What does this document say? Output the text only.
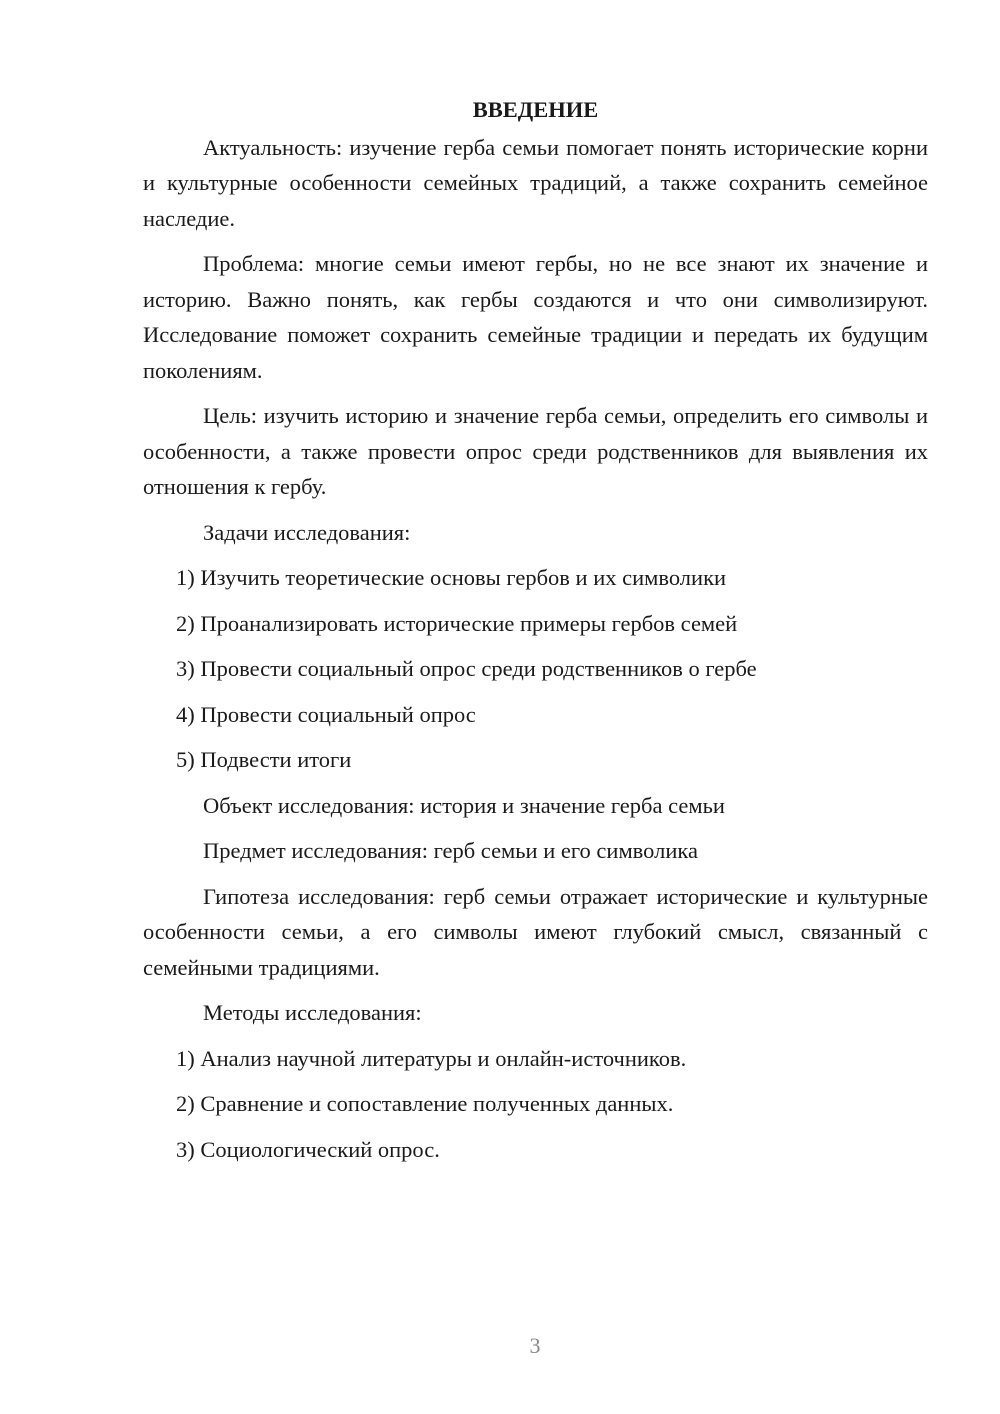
ВВЕДЕНИЕ

Актуальность: изучение герба семьи помогает понять исторические корни и культурные особенности семейных традиций, а также сохранить семейное наследие.

Проблема: многие семьи имеют гербы, но не все знают их значение и историю. Важно понять, как гербы создаются и что они символизируют. Исследование поможет сохранить семейные традиции и передать их будущим поколениям.

Цель: изучить историю и значение герба семьи, определить его символы и особенности, а также провести опрос среди родственников для выявления их отношения к гербу.

Задачи исследования:

1) Изучить теоретические основы гербов и их символики

2) Проанализировать исторические примеры гербов семей

3) Провести социальный опрос среди родственников о гербе

4) Провести социальный опрос

5) Подвести итоги

Объект исследования: история и значение герба семьи

Предмет исследования: герб семьи и его символика

Гипотеза исследования: герб семьи отражает исторические и культурные особенности семьи, а его символы имеют глубокий смысл, связанный с семейными традициями.

Методы исследования:

1) Анализ научной литературы и онлайн-источников.

2) Сравнение и сопоставление полученных данных.

3) Социологический опрос.

3
